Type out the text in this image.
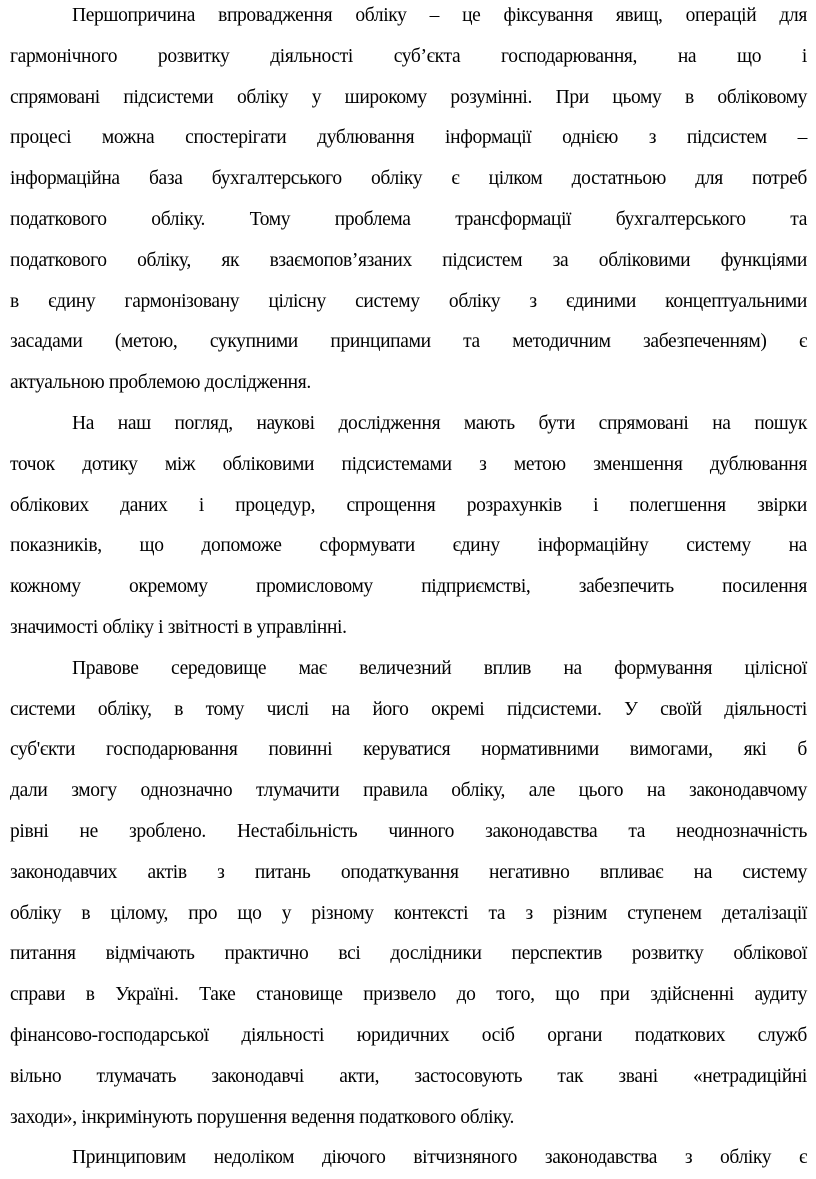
Першопричина впровадження обліку – це фіксування явищ, операцій для
гармонічного розвитку діяльності суб’єкта господарювання, на що і
спрямовані підсистеми обліку у широкому розумінні. При цьому в обліковому
процесі можна спостерігати дублювання інформації однією з підсистем –
інформаційна база бухгалтерського обліку є цілком достатньою для потреб
податкового обліку. Тому проблема трансформації бухгалтерського та
податкового обліку, як взаємопов’язаних підсистем за обліковими функціями
в єдину гармонізовану цілісну систему обліку з єдиними концептуальними
засадами (метою, сукупними принципами та методичним забезпеченням) є
актуальною проблемою дослідження.
На наш погляд, наукові дослідження мають бути спрямовані на пошук
точок дотику між обліковими підсистемами з метою зменшення дублювання
облікових даних і процедур, спрощення розрахунків і полегшення звірки
показників, що допоможе сформувати єдину інформаційну систему на
кожному окремому промисловому підприємстві, забезпечить посилення
значимості обліку і звітності в управлінні.
Правове середовище має величезний вплив на формування цілісної
системи обліку, в тому числі на його окремі підсистеми. У своїй діяльності
суб'єкти господарювання повинні керуватися нормативними вимогами, які б
дали змогу однозначно тлумачити правила обліку, але цього на законодавчому
рівні не зроблено. Нестабільність чинного законодавства та неоднозначність
законодавчих актів з питань оподаткування негативно впливає на систему
обліку в цілому, про що у різному контексті та з різним ступенем деталізації
питання відмічають практично всі дослідники перспектив розвитку облікової
справи в Україні. Таке становище призвело до того, що при здійсненні аудиту
фінансово-господарської діяльності юридичних осіб органи податкових служб
вільно тлумачать законодавчі акти, застосовують так звані «нетрадиційні
заходи», інкримінують порушення ведення податкового обліку.
Принциповим недоліком діючого вітчизняного законодавства з обліку є
